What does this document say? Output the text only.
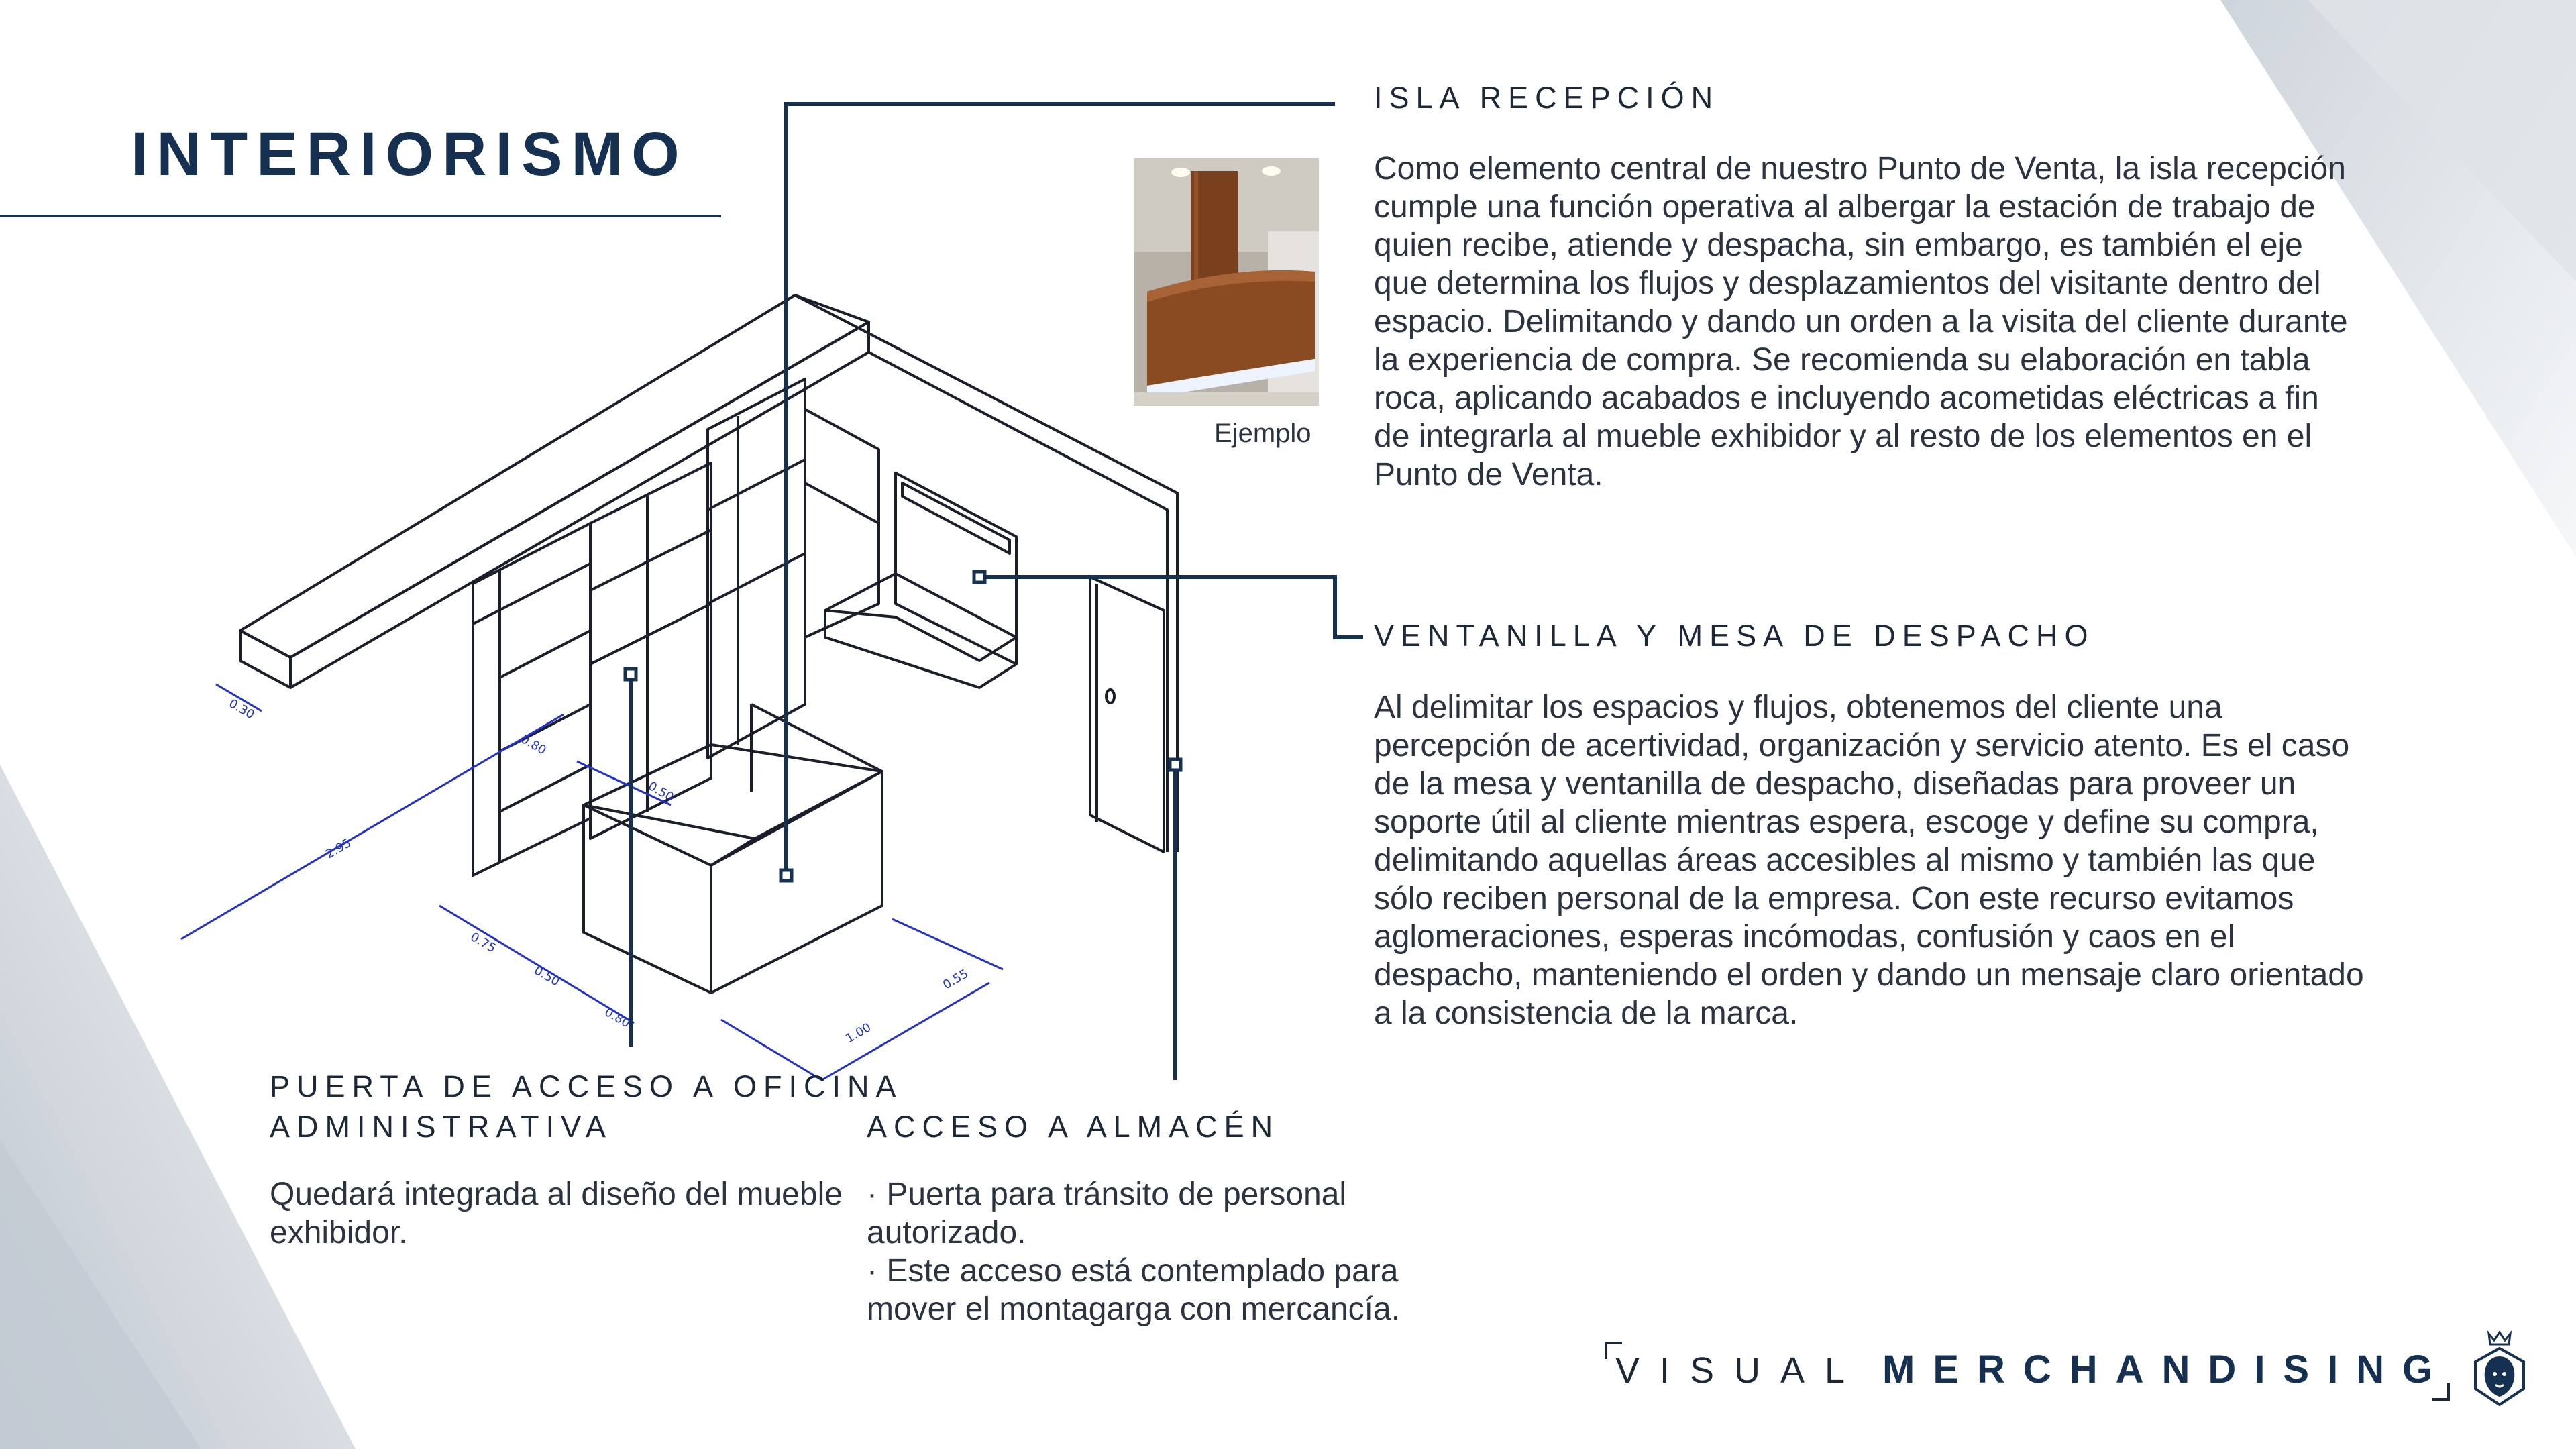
INTERIORISMO
0.30
2.95
0.75
0.50
0.80
1.00
0.55
0.50
0.80
Ejemplo
ISLA RECEPCIÓN
Como elemento central de nuestro Punto de Venta, la isla recepción cumple una función operativa al albergar la estación de trabajo de quien recibe, atiende y despacha, sin embargo, es también el eje que determina los flujos y desplazamientos del visitante dentro del espacio. Delimitando y dando un orden a la visita del cliente durante la experiencia de compra. Se recomienda su elaboración en tabla roca, aplicando acabados e incluyendo acometidas eléctricas a fin de integrarla al mueble exhibidor y al resto de los elementos en el Punto de Venta.
VENTANILLA Y MESA DE DESPACHO
Al delimitar los espacios y flujos, obtenemos del cliente una percepción de acertividad, organización y servicio atento. Es el caso de la mesa y ventanilla de despacho, diseñadas para proveer un soporte útil al cliente mientras espera, escoge y define su compra, delimitando aquellas áreas accesibles al mismo y también las que sólo reciben personal de la empresa. Con este recurso evitamos aglomeraciones, esperas incómodas, confusión y caos en el despacho, manteniendo el orden y dando un mensaje claro orientado a la consistencia de la marca.
PUERTA DE ACCESO A OFICINA ADMINISTRATIVA
Quedará integrada al diseño del mueble exhibidor.
ACCESO A ALMACÉN
· Puerta para tránsito de personal autorizado.
· Este acceso está contemplado para mover el montagarga con mercancía.
VISUAL MERCHANDISING
